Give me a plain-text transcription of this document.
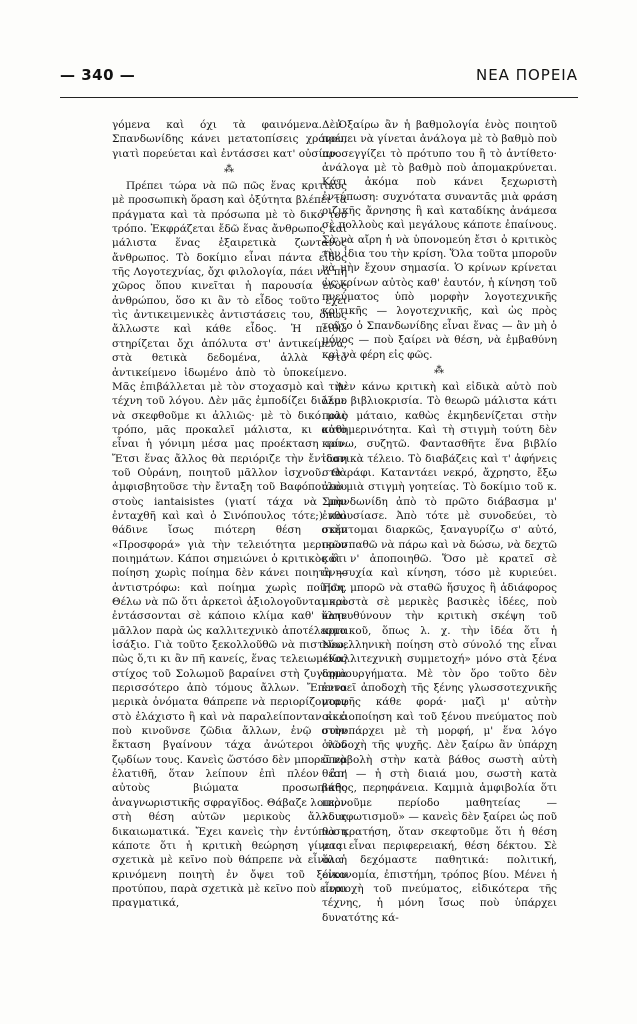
— 340 —	ΝΕΑ ΠΟΡΕΙΑ

γόμενα καὶ όχι τὰ φαινόμενα. Ὁ Σπανδωνίδης κάνει μετατοπίσεις χρόνου, γιατὶ πορεύεται καὶ ἐντάσσει κατ' οὐσίαν.

⁂

Πρέπει τώρα νὰ πῶ πῶς ἕνας κριτικὸς μὲ προσωπικὴ ὅραση καὶ ὀξύτητα βλέπει τὰ πράγματα καὶ τὰ πρόσωπα μὲ τὸ δικό του τρόπο. Ἐκφράζεται ἔδῶ ἕνας ἄνθρωπος καὶ μάλιστα ἕνας ἐξαιρετικὰ ζωντανὸς ἄνθρωπος. Τὸ δοκίμιο εἶναι πάντα εἶδος τῆς Λογοτεχνίας, ὄχι φιλολογία, πάει νὰ πῆ χῶρος ὅπου κινεῖται ἡ παρουσία ἑνὸς ἀνθρώπου, ὅσο κι ἂν τὸ εἶδος τοῦτο ἔχει τὶς ἀντικειμενικὲς ἀντιστάσεις του, ὅπως ἄλλωστε καὶ κάθε εἶδος. Ἡ πειθὼ στηρίζεται ὄχι ἀπόλυτα στ' ἀντικείμενα, στὰ θετικὰ δεδομένα, ἀλλὰ στὸ ἀντικείμενο ἰδωμένο ἀπὸ τὸ ὑποκείμενο. Μᾶς ἐπιβάλλεται μὲ τὸν στοχασμὸ καὶ τὴν τέχνη τοῦ λόγου. Δὲν μᾶς ἐμποδίζει διόλου νὰ σκεφθοῦμε κι ἀλλιῶς· μὲ τὸ δικό μας τρόπο, μᾶς προκαλεῖ μάλιστα, κι αὐτὸ εἶναι ἡ γόνιμη μέσα μας προέκταση του. Ἔτσι ἕνας ἄλλος θὰ περιόριζε τὴν ἔνταση τοῦ Οὐράνη, ποιητοῦ μᾶλλον ἰσχνοῦ. Θὰ ἀμφισβητοῦσε τὴν ἔνταξη τοῦ Βαφόπουλου στοὺς iantaisistes (γιατί τάχα νὰ μὴν ἐνταχθῆ καὶ καὶ ὁ Σινόπουλος τότε;) καὶ θάδινε ἴσως πιότερη θέση στὴν «Προσφορά» γιὰ τὴν τελειότητα μερικῶν ποιημάτων. Κάποι σημειώνει ὁ κριτικὸς ὅτι ποίηση χωρὶς ποίημα δὲν κάνει ποιητὴ — ἀντιστρόφω: καὶ ποίημα χωρὶς ποίηση. Θέλω νὰ πῶ ὅτι ἀρκετοὶ ἀξιολογοῦνται καὶ ἐντάσσονται σὲ κάποιο κλίμα καθ' ὕλην μᾶλλον παρὰ ὡς καλλιτεχνικὸ ἀποτέλεσμα ἰσάξιο. Γιὰ τοῦτο ξεκολλοῦθῶ νὰ πιστεύω, πὼς ὅ,τι κι ἂν πῆ κανείς, ἕνας τελειωμένος στίχος τοῦ Σολωμοῦ βαραίνει στὴ ζυγαριὰ περισσότερο ἀπὸ τόμους ἄλλων. Ἔπειτα μερικὰ ὀνόματα θάπρεπε νὰ περιορίζονταν στὸ ἐλάχιστο ἢ καὶ νὰ παραλείπονταν κι ὁ ποὺ κινοῦνσε ζῶδια ἄλλων, ἐνῷ στὴν ἔκταση βγαίνουν τάχα ἀνώτεροι τῶν ζῳδίων τους. Κανεὶς ὥστόσο δὲν μπορεῖ νὰ ἐλατιθῆ, ὅταν λείπουν ἐπὶ πλέον ἀπ' αὐτοὺς βιώματα προσωπικῆς ἀναγνωριστικῆς σφραγῖδος. Θάβαζε λοιπὸν στὴ θέση αὐτῶν μερικοὺς ἄλλους δικαιωματικά. Ἔχει κανεὶς τὴν ἐντύπωση κάποτε ὅτι ἡ κριτικὴ θεώρηση γίνεται σχετικὰ μὲ κεῖνο ποὺ θάπρεπε νὰ εἶναι ἡ κρινόμενη ποιητὴ ἐν ὄψει τοῦ ξένου προτύπου, παρὰ σχετικὰ μὲ κεῖνο ποὺ εἶναι πραγματικά,

Δὲν ξαίρω ἂν ἡ βαθμολογία ἑνὸς ποιητοῦ πρέπει νὰ γίνεται ἀνάλογα μὲ τὸ βαθμὸ ποὺ προσεγγίζει τὸ πρότυπο του ἢ τὸ ἀντίθετο· ἀνάλογα μὲ τὸ βαθμὸ ποὺ ἀπομακρύνεται. Κάτι ἀκόμα ποὺ κάνει ξεχωριστὴ ἐντύπωση: συχνότατα συναντᾶς μιὰ φράση ριζικῆς ἄρνησης ἢ καὶ καταδίκης ἀνάμεσα σὲ πολλοὺς καὶ μεγάλους κάποτε ἐπαίνους. Σὰ νὰ αἴρη ἡ νὰ ὑπονομεύη ἔτσι ὁ κριτικὸς τὴν ἰδια του τὴν κρίση. Ὅλα τοῦτα μποροῦν νὰ μὴν ἔχουν σημασία. Ὁ κρίνων κρίνεται ὡς κρίνων αὐτὸς καθ' ἑαυτόν, ἡ κίνηση τοῦ πνεύματος ὑπὸ μορφὴν λογοτεχνικῆς κριτικῆς — λογοτεχνικῆς, καὶ ὡς πρὸς τοῦτο ὁ Σπανδωνίδης εἶναι ἕνας — ἂν μὴ ὁ μόνος — ποὺ ξαίρει νὰ θέση, νὰ ἐμβαθύνη καὶ νὰ φέρη εἰς φῶς.

⁂

Δὲν κάνω κριτικὴ καὶ εἰδικὰ αὐτὸ ποὺ λέμε βιβλιοκρισία. Τὸ θεωρῶ μάλιστα κάτι πολὺ μάταιο, καθὼς ἐκμηδενίζεται στὴν καθημερινότητα. Καὶ τὴ στιγμὴ τούτη δὲν κρίνω, συζητῶ. Φαντασθῆτε ἕνα βιβλίο ἰδανικὰ τέλειο. Τὸ διαβάζεις καὶ τ' ἀφήνεις στὸ ράφι. Καταντάει νεκρό, ἄχρηστο, ἔξω ἀπὸ μιὰ στιγμὴ γοητείας. Τὸ δοκίμιο τοῦ κ. Σπανδωνίδη ἀπὸ τὸ πρῶτο διάβασμα μ' ἐνθουσίασε. Ἀπὸ τότε μὲ συνοδεύει, τὸ σκέπτομαι διαρκῶς, ξαναγυρίζω σ' αὐτό, προσπαθῶ νὰ πάρω καὶ νὰ δώσω, νὰ δεχτῶ καὶ ν' ἀποποιηθῶ. Ὅσο μὲ κρατεῖ σὲ ἀνησυχία καὶ κίνηση, τόσο μὲ κυριεύει. Πῶς μπορῶ νὰ σταθῶ ἥσυχος ἢ ἀδιάφορος μπροστὰ σὲ μερικὲς βασικὲς ἰδέες, ποὺ κατευθύνουν τὴν κριτικὴ σκέψη τοῦ κριτικοῦ, ὅπως λ. χ. τὴν ἰδέα ὅτι ἡ Νεοελληνικὴ ποίηση στὸ σύνολό της εἶναι «Καλλιτεχνικὴ συμμετοχή» μόνο στὰ ξένα δημιουργήματα. Μὲ τὸν ὅρο τοῦτο δὲν ἐννοεῖ ἀποδοχὴ τῆς ξένης γλωσσοτεχνικῆς μορφῆς κάθε φορά· μαζὶ μ' αὐτὴν οἰκειοποίηση καὶ τοῦ ξένου πνεύματος ποὺ συνυπάρχει μὲ τὴ μορφή, μ' ἕνα λόγο ὁλοδοχὴ τῆς ψυχῆς. Δὲν ξαίρω ἂν ὑπάρχη ὑπερβολὴ στὴν κατὰ βάθος σωστὴ αὐτὴ θέση — ἡ στὴ διαιά μου, σωστὴ κατὰ βάθος, περηφάνεια. Καμμιὰ ἀμφιβολία ὅτι περνοῦμε περίοδο μαθητείας — «διαφωτισμοῦ» — κανεὶς δὲν ξαίρει ὡς ποῦ θὰ κρατήση, ὅταν σκεφτοῦμε ὅτι ἡ θέση μας εἶναι περιφερειακή, θέση δέκτου. Σὲ ὅλα δεχόμαστε παθητικά: πολιτική, οἰκονομία, ἐπιστήμη, τρόπος βίου. Μένει ἡ περιοχὴ τοῦ πνεύματος, εἰδικότερα τῆς τέχνης, ἡ μόνη ἴσως ποὺ ὑπάρχει δυνατότης κά-
